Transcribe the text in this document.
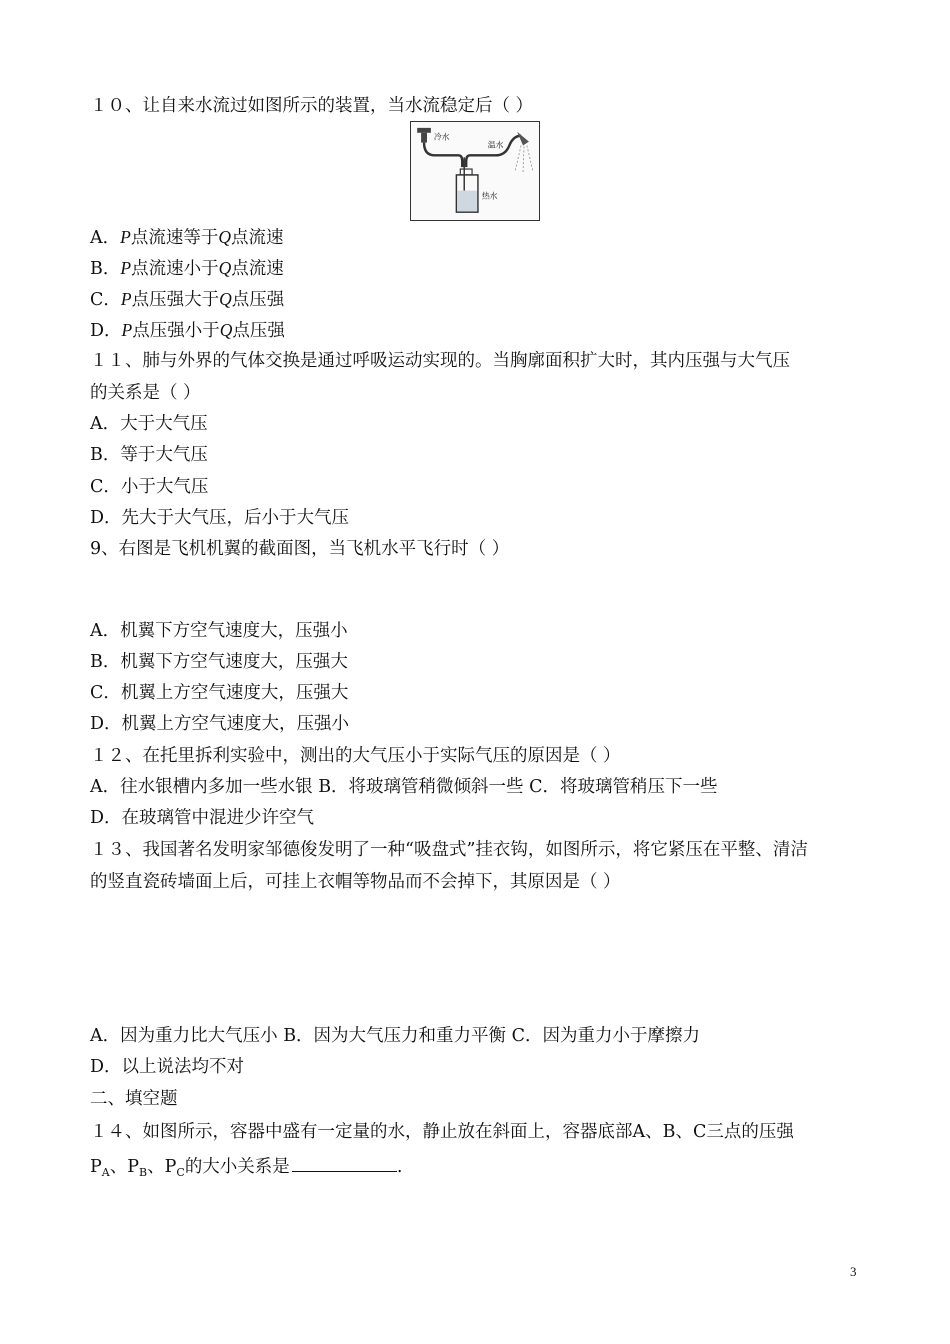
１０、让自来水流过如图所示的装置，当水流稳定后（ ）
冷水
温水
热水
A．P点流速等于Q点流速
B．P点流速小于Q点流速
C．P点压强大于Q点压强
D．P点压强小于Q点压强
１１、肺与外界的气体交换是通过呼吸运动实现的。当胸廓面积扩大时，其内压强与大气压
的关系是（ ）
A．大于大气压
B．等于大气压
C．小于大气压
D．先大于大气压，后小于大气压
9、右图是飞机机翼的截面图，当飞机水平飞行时（ ）
A．机翼下方空气速度大，压强小
B．机翼下方空气速度大，压强大
C．机翼上方空气速度大，压强大
D．机翼上方空气速度大，压强小
１２、在托里拆利实验中，测出的大气压小于实际气压的原因是（ ）
A．往水银槽内多加一些水银 B．将玻璃管稍微倾斜一些 C．将玻璃管稍压下一些
D．在玻璃管中混进少许空气
１３、我国著名发明家邹德俊发明了一种“吸盘式”挂衣钩，如图所示，将它紧压在平整、清洁
的竖直瓷砖墙面上后，可挂上衣帽等物品而不会掉下，其原因是（ ）
A．因为重力比大气压小 B．因为大气压力和重力平衡 C．因为重力小于摩擦力
D．以上说法均不对
二、填空题
１４、如图所示，容器中盛有一定量的水，静止放在斜面上，容器底部A、B、C三点的压强
$P_A$、$P_B$、$P_C$的大小关系是	.
3
